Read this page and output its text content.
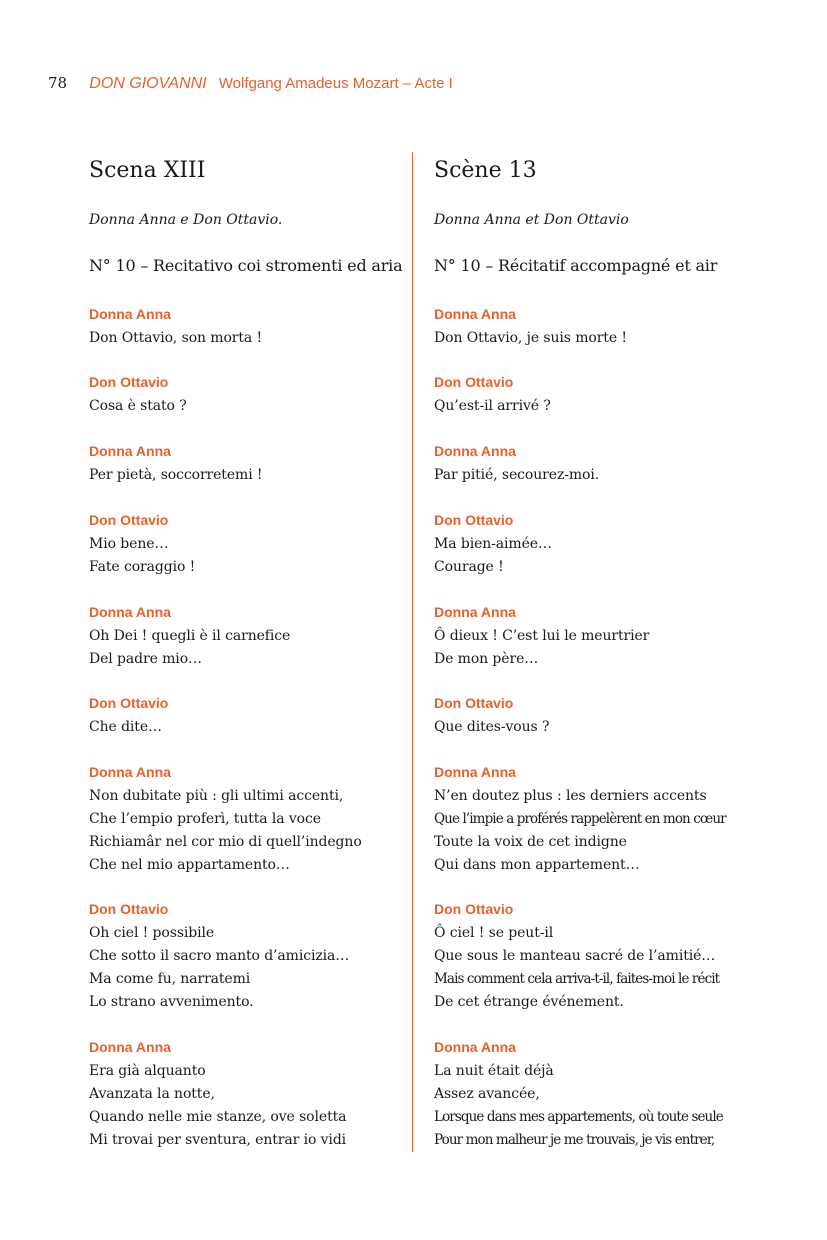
78 DON GIOVANNI Wolfgang Amadeus Mozart – Acte I
Scena XIII
Donna Anna e Don Ottavio.
N° 10 – Recitativo coi stromenti ed aria
Donna Anna
Don Ottavio, son morta !
Don Ottavio
Cosa è stato ?
Donna Anna
Per pietà, soccorretemi !
Don Ottavio
Mio bene…
Fate coraggio !
Donna Anna
Oh Dei ! quegli è il carnefice
Del padre mio…
Don Ottavio
Che dite…
Donna Anna
Non dubitate più : gli ultimi accenti,
Che l’empio proferì, tutta la voce
Richiamâr nel cor mio di quell’indegno
Che nel mio appartamento…
Don Ottavio
Oh ciel ! possibile
Che sotto il sacro manto d’amicizia…
Ma come fu, narratemi
Lo strano avvenimento.
Donna Anna
Era già alquanto
Avanzata la notte,
Quando nelle mie stanze, ove soletta
Mi trovai per sventura, entrar io vidi
Scène 13
Donna Anna et Don Ottavio
N° 10 – Récitatif accompagné et air
Donna Anna
Don Ottavio, je suis morte !
Don Ottavio
Qu’est-il arrivé ?
Donna Anna
Par pitié, secourez-moi.
Don Ottavio
Ma bien-aimée…
Courage !
Donna Anna
Ô dieux ! C’est lui le meurtrier
De mon père…
Don Ottavio
Que dites-vous ?
Donna Anna
N’en doutez plus : les derniers accents
Que l’impie a proférés rappelèrent en mon cœur
Toute la voix de cet indigne
Qui dans mon appartement…
Don Ottavio
Ô ciel ! se peut-il
Que sous le manteau sacré de l’amitié…
Mais comment cela arriva-t-il, faites-moi le récit
De cet étrange événement.
Donna Anna
La nuit était déjà
Assez avancée,
Lorsque dans mes appartements, où toute seule
Pour mon malheur je me trouvais, je vis entrer,
